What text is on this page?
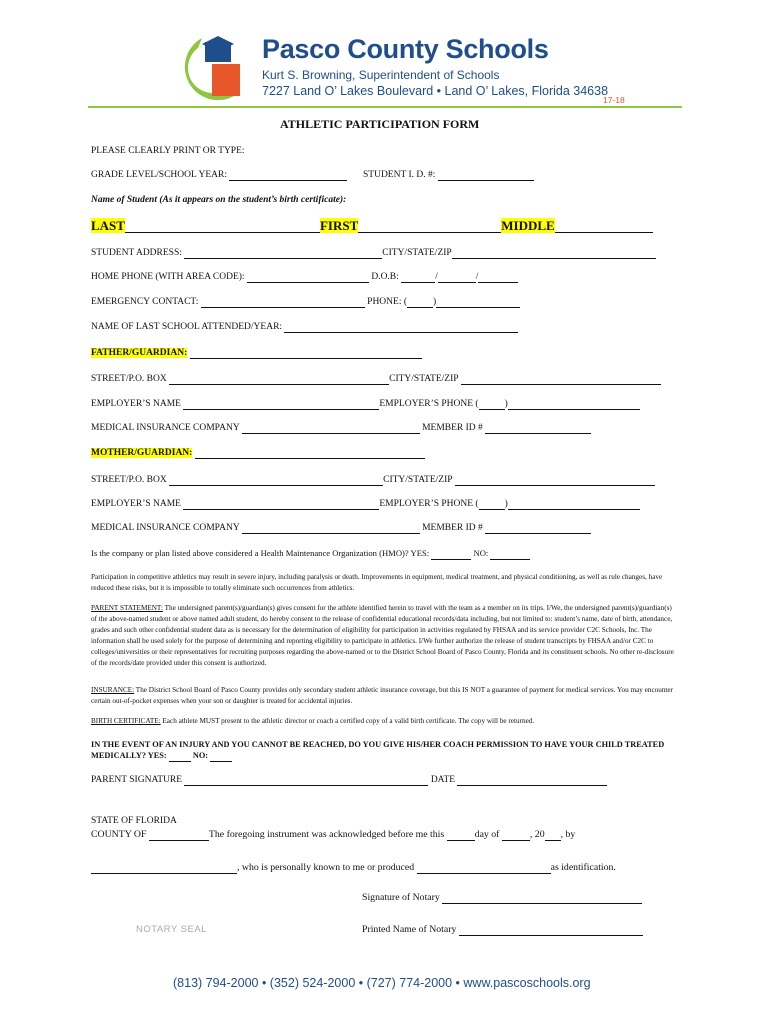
Pasco County Schools
Kurt S. Browning, Superintendent of Schools
7227 Land O’ Lakes Boulevard • Land O’ Lakes, Florida 34638
17-18
ATHLETIC PARTICIPATION FORM
PLEASE CLEARLY PRINT OR TYPE:
GRADE LEVEL/SCHOOL YEAR:	STUDENT I. D. #:
Name of Student (As it appears on the student’s birth certificate):
LAST	FIRST	MIDDLE
STUDENT ADDRESS:	CITY/STATE/ZIP
HOME PHONE (WITH AREA CODE):	D.O.B:	/	/
EMERGENCY CONTACT:	PHONE: (	)
NAME OF LAST SCHOOL ATTENDED/YEAR:
FATHER/GUARDIAN:
STREET/P.O. BOX	CITY/STATE/ZIP
EMPLOYER’S NAME	EMPLOYER’S PHONE (	)
MEDICAL INSURANCE COMPANY	MEMBER ID #
MOTHER/GUARDIAN:
STREET/P.O. BOX	CITY/STATE/ZIP
EMPLOYER’S NAME	EMPLOYER’S PHONE (	)
MEDICAL INSURANCE COMPANY	MEMBER ID #
Is the company or plan listed above considered a Health Maintenance Organization (HMO)? YES:	NO:
Participation in competitive athletics may result in severe injury, including paralysis or death. Improvements in equipment, medical treatment, and physical conditioning, as well as rule changes, have reduced these risks, but it is impossible to totally eliminate such occurrences from athletics.
PARENT STATEMENT: The undersigned parent(s)/guardian(s) gives consent for the athlete identified herein to travel with the team as a member on its trips. I/We, the undersigned parent(s)/guardian(s) of the above-named student or above named adult student, do hereby consent to the release of confidential educational records/data including, but not limited to: student’s name, date of birth, attendance, grades and such other confidential student data as is necessary for the determination of eligibility for participation in activities regulated by FHSAA and its service provider C2C Schools, Inc. The information shall be used solely for the purpose of determining and reporting eligibility to participate in athletics. I/We further authorize the release of student transcripts by FHSAA and/or C2C to colleges/universities or their representatives for recruiting purposes regarding the above-named or to the District School Board of Pasco County, Florida and its constituent schools. No other re-disclosure of the records/date provided under this consent is authorized.
INSURANCE: The District School Board of Pasco County provides only secondary student athletic insurance coverage, but this IS NOT a guarantee of payment for medical services. You may encounter certain out-of-pocket expenses when your son or daughter is treated for accidental injuries.
BIRTH CERTIFICATE: Each athlete MUST present to the athletic director or coach a certified copy of a valid birth certificate. The copy will be returned.
IN THE EVENT OF AN INJURY AND YOU CANNOT BE REACHED, DO YOU GIVE HIS/HER COACH PERMISSION TO HAVE YOUR CHILD TREATED MEDICALLY? YES:	NO:
PARENT SIGNATURE	DATE
STATE OF FLORIDA
COUNTY OF	The foregoing instrument was acknowledged before me this	day of	, 20 , by
, who is personally known to me or produced	as identification.
Signature of Notary
NOTARY SEAL	Printed Name of Notary
(813) 794-2000 • (352) 524-2000 • (727) 774-2000 • www.pascoschools.org
